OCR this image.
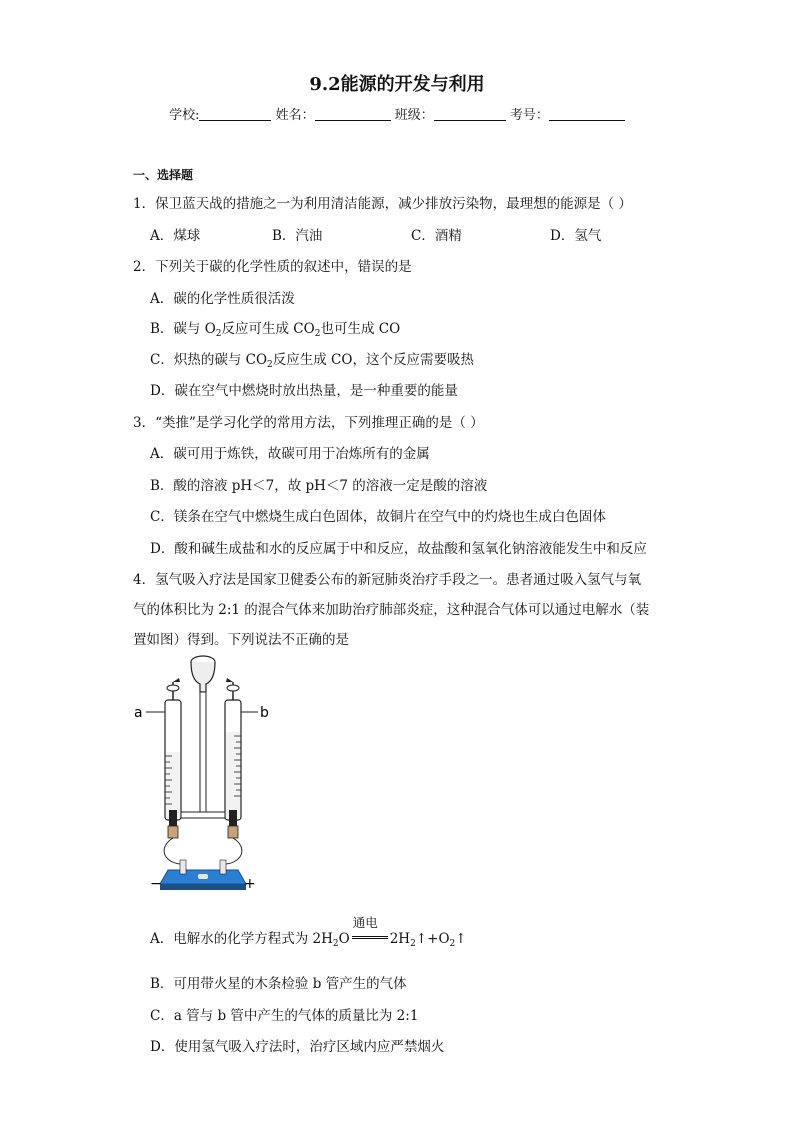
9.2能源的开发与利用
学校:	姓名：	班级：	考号：
一、选择题
1．保卫蓝天战的措施之一为利用清洁能源，减少排放污染物，最理想的能源是（ ）
A．煤球	B．汽油	C．酒精	D．氢气
2．下列关于碳的化学性质的叙述中，错误的是
A．碳的化学性质很活泼
B．碳与 $O_2$反应可生成 $CO_2$也可生成 CO
C．炽热的碳与 $CO_2$反应生成 CO，这个反应需要吸热
D．碳在空气中燃烧时放出热量，是一种重要的能量
3．“类推”是学习化学的常用方法，下列推理正确的是（ ）
A．碳可用于炼铁，故碳可用于冶炼所有的金属
B．酸的溶液 pH＜7，故 pH＜7 的溶液一定是酸的溶液
C．镁条在空气中燃烧生成白色固体，故铜片在空气中的灼烧也生成白色固体
D．酸和碱生成盐和水的反应属于中和反应，故盐酸和氢氧化钠溶液能发生中和反应
4．氢气吸入疗法是国家卫健委公布的新冠肺炎治疗手段之一。患者通过吸入氢气与氧
气的体积比为 2:1 的混合气体来加助治疗肺部炎症，这种混合气体可以通过电解水（装
置如图）得到。下列说法不正确的是
a	b
−	+
A．电解水的化学方程式为 $2H_2O$
通电
$2H_2↑+O_2↑$
B．可用带火星的木条检验 b 管产生的气体
C．a 管与 b 管中产生的气体的质量比为 2:1
D．使用氢气吸入疗法时，治疗区域内应严禁烟火
